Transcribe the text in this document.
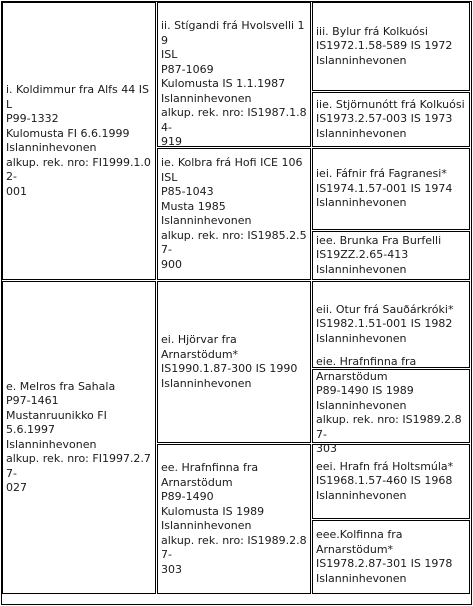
i. Koldimmur fra Alfs 44 ISL
P99-1332
Kulomusta FI 6.6.1999
Islanninhevonen
alkup. rek. nro: FI1999.1.02-
001
ii. Stígandi frá Hvolsvelli 19
ISL
P87-1069
Kulomusta IS 1.1.1987
Islanninhevonen
alkup. rek. nro: IS1987.1.84-
919
iii. Bylur frá Kolkuósi
IS1972.1.58-589 IS 1972
Islanninhevonen
iie. Stjörnunótt frá Kolkuósi
IS1973.2.57-003 IS 1973
Islanninhevonen
ie. Kolbra frá Hofi ICE 106
ISL
P85-1043
Musta 1985
Islanninhevonen
alkup. rek. nro: IS1985.2.57-
900
iei. Fáfnir frá Fagranesi*
IS1974.1.57-001 IS 1974
Islanninhevonen
iee. Brunka Fra Burfelli
IS19ZZ.2.65-413
Islanninhevonen
e. Melros fra Sahala
P97-1461
Mustanruunikko FI
5.6.1997
Islanninhevonen
alkup. rek. nro: FI1997.2.77-
027
ei. Hjörvar fra
Arnarstödum*
IS1990.1.87-300 IS 1990
Islanninhevonen
eii. Otur frá Sauðárkróki*
IS1982.1.51-001 IS 1982
Islanninhevonen
eie. Hrafnfinna fra
Arnarstödum
P89-1490 IS 1989
Islanninhevonen
alkup. rek. nro: IS1989.2.87-
303
ee. Hrafnfinna fra
Arnarstödum
P89-1490
Kulomusta IS 1989
Islanninhevonen
alkup. rek. nro: IS1989.2.87-
303
eei. Hrafn frá Holtsmúla*
IS1968.1.57-460 IS 1968
Islanninhevonen
eee.Kolfinna fra
Arnarstödum*
IS1978.2.87-301 IS 1978
Islanninhevonen
